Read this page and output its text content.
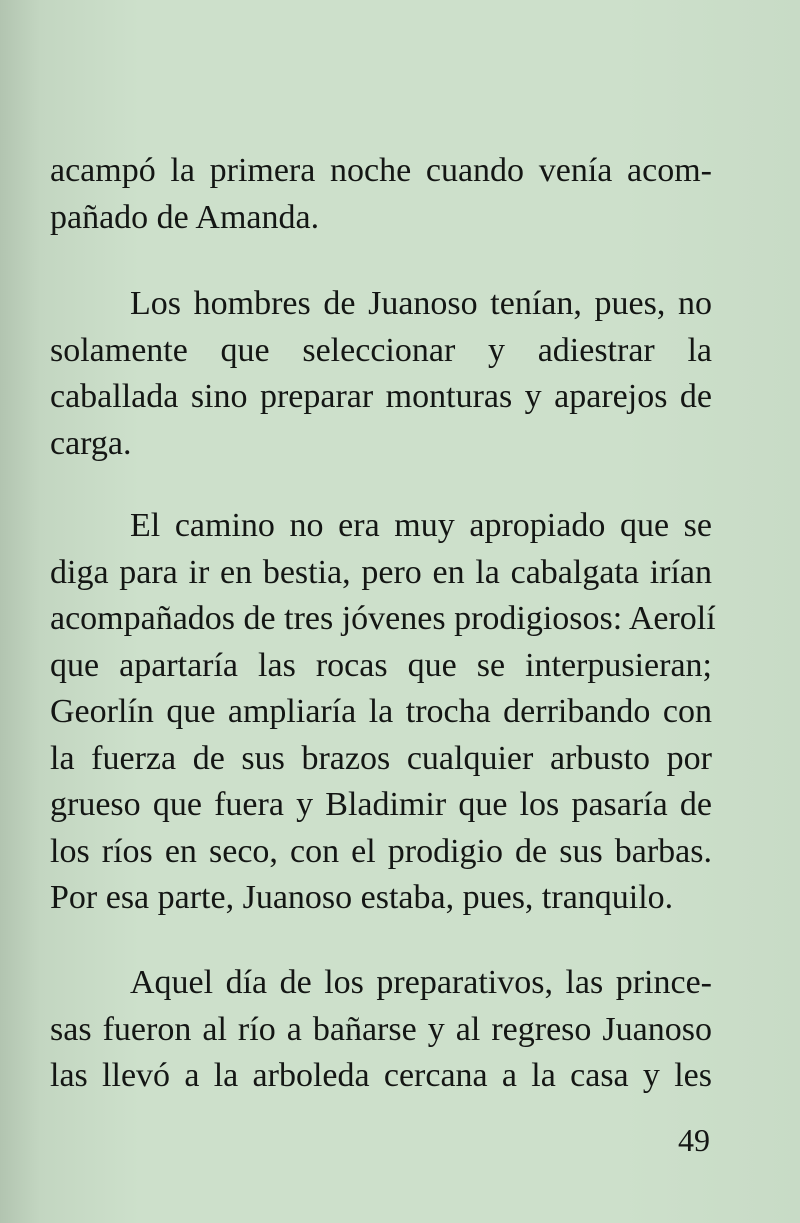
acampó la primera noche cuando venía acom-
pañado de Amanda.
Los hombres de Juanoso tenían, pues, no
solamente que seleccionar y adiestrar la
caballada sino preparar monturas y aparejos de
carga.
El camino no era muy apropiado que se
diga para ir en bestia, pero en la cabalgata irían
acompañados de tres jóvenes prodigiosos: Aerolí
que apartaría las rocas que se interpusieran;
Georlín que ampliaría la trocha derribando con
la fuerza de sus brazos cualquier arbusto por
grueso que fuera y Bladimir que los pasaría de
los ríos en seco, con el prodigio de sus barbas.
Por esa parte, Juanoso estaba, pues, tranquilo.
Aquel día de los preparativos, las prince-
sas fueron al río a bañarse y al regreso Juanoso
las llevó a la arboleda cercana a la casa y les
49
